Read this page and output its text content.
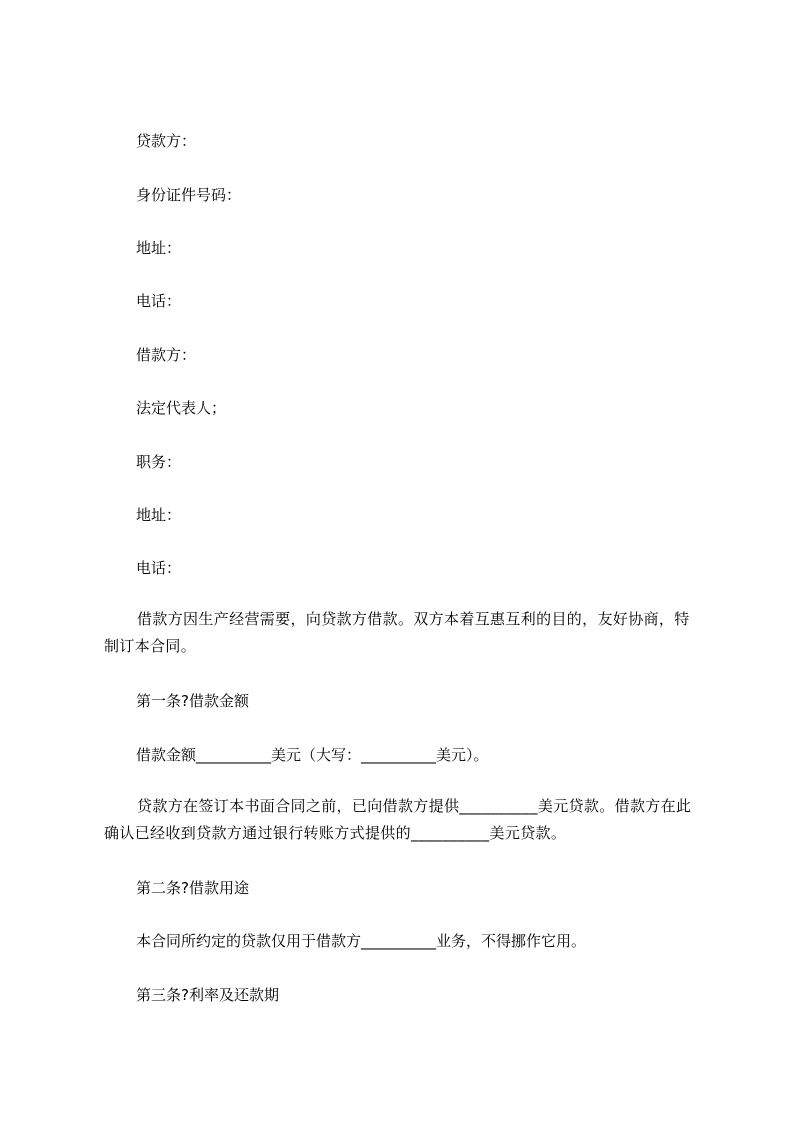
贷款方：
身份证件号码：
地址：
电话：
借款方：
法定代表人；
职务：
地址：
电话：
借款方因生产经营需要，向贷款方借款。双方本着互惠互利的目的，友好协商，特制订本合同。
第一条?借款金额
借款金额__________美元（大写：__________美元）。
贷款方在签订本书面合同之前，已向借款方提供__________美元贷款。借款方在此确认已经收到贷款方通过银行转账方式提供的__________美元贷款。
第二条?借款用途
本合同所约定的贷款仅用于借款方__________业务，不得挪作它用。
第三条?利率及还款期
